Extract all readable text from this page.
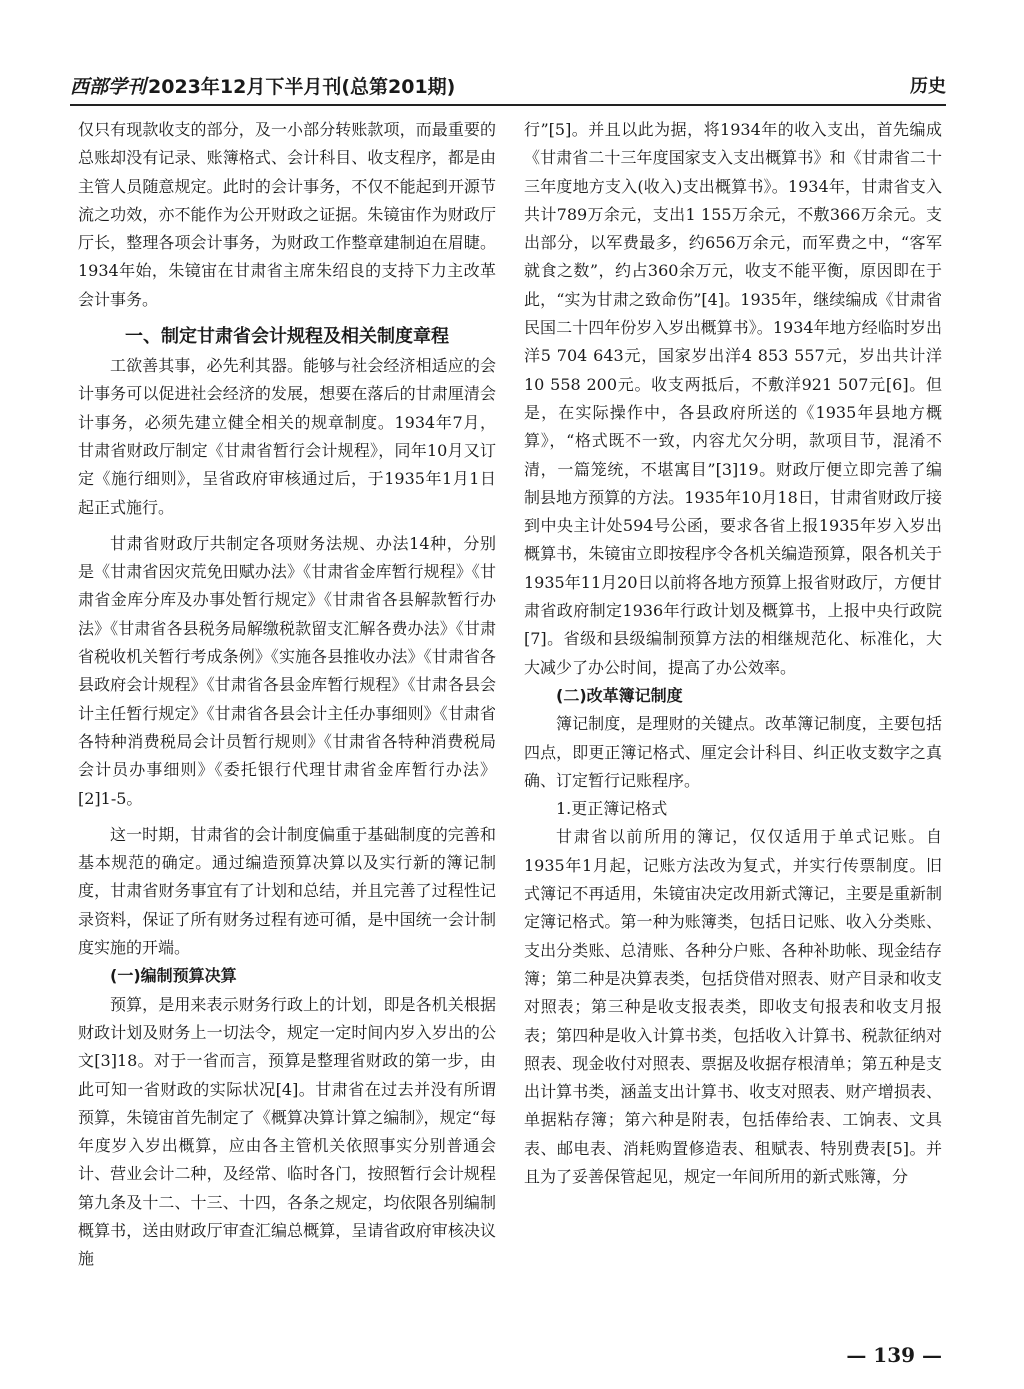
西部学刊 2023年12月下半月刊(总第201期)	历史

仅只有现款收支的部分，及一小部分转账款项，而最重要的总账却没有记录、账簿格式、会计科目、收支程序，都是由主管人员随意规定。此时的会计事务，不仅不能起到开源节流之功效，亦不能作为公开财政之证据。朱镜宙作为财政厅厅长，整理各项会计事务，为财政工作整章建制迫在眉睫。1934年始，朱镜宙在甘肃省主席朱绍良的支持下力主改革会计事务。

一、制定甘肃省会计规程及相关制度章程

工欲善其事，必先利其器。能够与社会经济相适应的会计事务可以促进社会经济的发展，想要在落后的甘肃厘清会计事务，必须先建立健全相关的规章制度。1934年7月，甘肃省财政厅制定《甘肃省暂行会计规程》，同年10月又订定《施行细则》，呈省政府审核通过后，于1935年1月1日起正式施行。

甘肃省财政厅共制定各项财务法规、办法14种，分别是《甘肃省因灾荒免田赋办法》《甘肃省金库暂行规程》《甘肃省金库分库及办事处暂行规定》《甘肃省各县解款暂行办法》《甘肃省各县税务局解缴税款留支汇解各费办法》《甘肃省税收机关暂行考成条例》《实施各县推收办法》《甘肃省各县政府会计规程》《甘肃省各县金库暂行规程》《甘肃各县会计主任暂行规定》《甘肃省各县会计主任办事细则》《甘肃省各特种消费税局会计员暂行规则》《甘肃省各特种消费税局会计员办事细则》《委托银行代理甘肃省金库暂行办法》[2]1-5。

这一时期，甘肃省的会计制度偏重于基础制度的完善和基本规范的确定。通过编造预算决算以及实行新的簿记制度，甘肃省财务事宜有了计划和总结，并且完善了过程性记录资料，保证了所有财务过程有迹可循，是中国统一会计制度实施的开端。

(一)编制预算决算

预算，是用来表示财务行政上的计划，即是各机关根据财政计划及财务上一切法令，规定一定时间内岁入岁出的公文[3]18。对于一省而言，预算是整理省财政的第一步，由此可知一省财政的实际状况[4]。甘肃省在过去并没有所谓预算，朱镜宙首先制定了《概算决算计算之编制》，规定“每年度岁入岁出概算，应由各主管机关依照事实分别普通会计、营业会计二种，及经常、临时各门，按照暂行会计规程第九条及十二、十三、十四，各条之规定，均依限各别编制概算书，送由财政厅审查汇编总概算，呈请省政府审核决议施

行”[5]。并且以此为据，将1934年的收入支出，首先编成《甘肃省二十三年度国家支入支出概算书》和《甘肃省二十三年度地方支入(收入)支出概算书》。1934年，甘肃省支入共计789万余元，支出1 155万余元，不敷366万余元。支出部分，以军费最多，约656万余元，而军费之中，“客军就食之数”，约占360余万元，收支不能平衡，原因即在于此，“实为甘肃之致命伤”[4]。1935年，继续编成《甘肃省民国二十四年份岁入岁出概算书》。1934年地方经临时岁出洋5 704 643元，国家岁出洋4 853 557元，岁出共计洋10 558 200元。收支两抵后，不敷洋921 507元[6]。但是，在实际操作中，各县政府所送的《1935年县地方概算》，“格式既不一致，内容尤欠分明，款项目节，混淆不清，一篇笼统，不堪寓目”[3]19。财政厅便立即完善了编制县地方预算的方法。1935年10月18日，甘肃省财政厅接到中央主计处594号公函，要求各省上报1935年岁入岁出概算书，朱镜宙立即按程序令各机关编造预算，限各机关于1935年11月20日以前将各地方预算上报省财政厅，方便甘肃省政府制定1936年行政计划及概算书，上报中央行政院[7]。省级和县级编制预算方法的相继规范化、标准化，大大减少了办公时间，提高了办公效率。

(二)改革簿记制度

簿记制度，是理财的关键点。改革簿记制度，主要包括四点，即更正簿记格式、厘定会计科目、纠正收支数字之真确、订定暂行记账程序。

1.更正簿记格式

甘肃省以前所用的簿记，仅仅适用于单式记账。自1935年1月起，记账方法改为复式，并实行传票制度。旧式簿记不再适用，朱镜宙决定改用新式簿记，主要是重新制定簿记格式。第一种为账簿类，包括日记账、收入分类账、支出分类账、总清账、各种分户账、各种补助帐、现金结存簿；第二种是决算表类，包括贷借对照表、财产目录和收支对照表；第三种是收支报表类，即收支旬报表和收支月报表；第四种是收入计算书类，包括收入计算书、税款征纳对照表、现金收付对照表、票据及收据存根清单；第五种是支出计算书类，涵盖支出计算书、收支对照表、财产增损表、单据粘存簿；第六种是附表，包括俸给表、工饷表、文具表、邮电表、消耗购置修造表、租赋表、特别费表[5]。并且为了妥善保管起见，规定一年间所用的新式账簿，分

— 139 —
